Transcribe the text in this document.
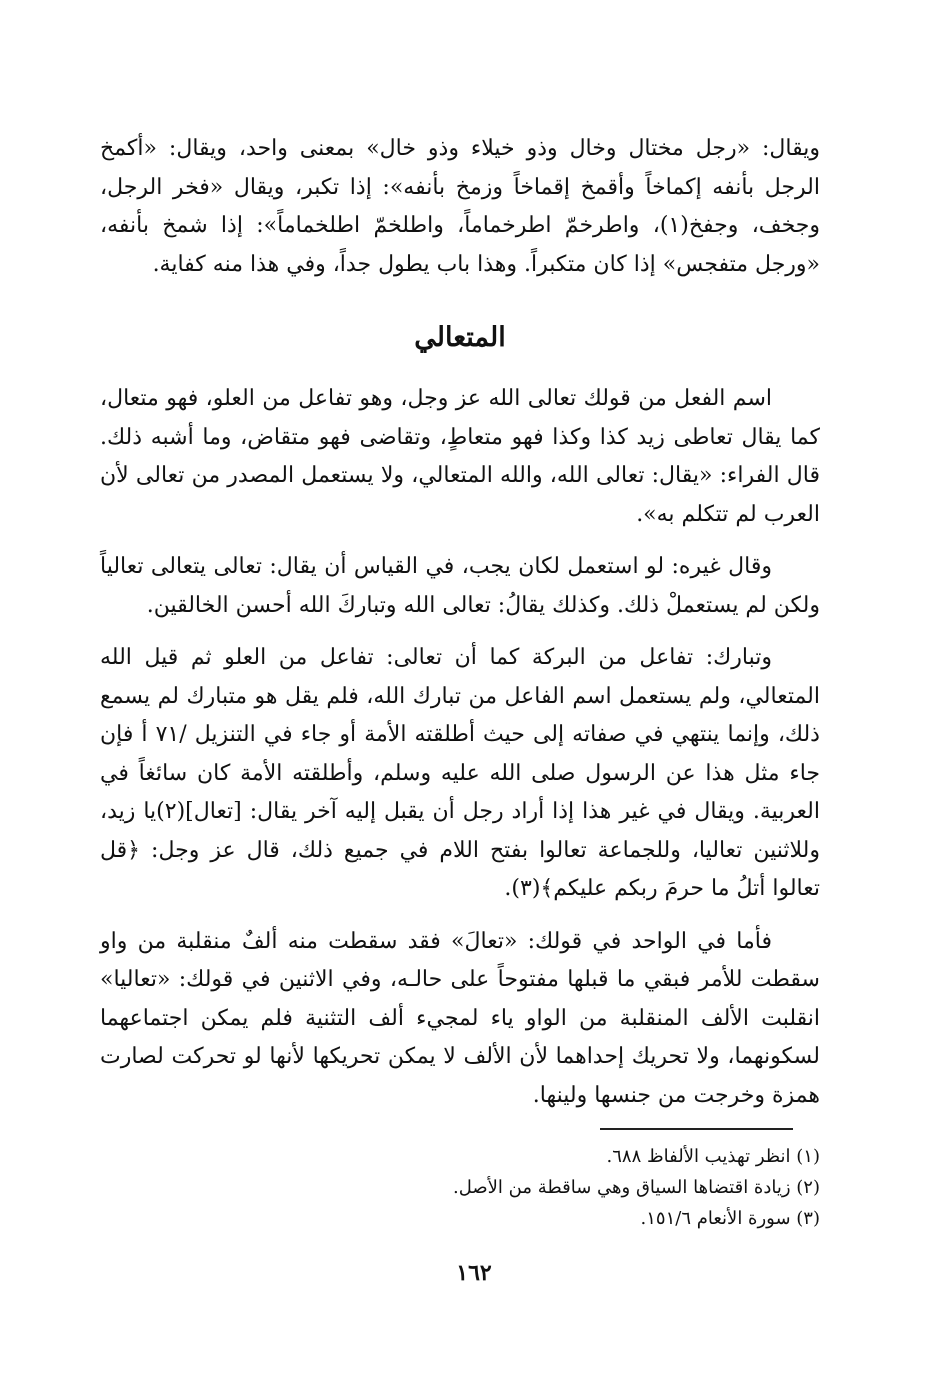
ويقال: «رجل مختال وخال وذو خيلاء وذو خال» بمعنى واحد، ويقال: «أكمخ الرجل بأنفه إكماخاً وأقمخ إقماخاً وزمخ بأنفه»: إذا تكبر، ويقال «فخر الرجل، وجخف، وجفخ(١)، واطرخمّ اطرخماماً، واطلخمّ اطلخماماً»: إذا شمخ بأنفه، «ورجل متفجس» إذا كان متكبراً. وهذا باب يطول جداً، وفي هذا منه كفاية.

المتعالي

اسم الفعل من قولك تعالى الله عز وجل، وهو تفاعل من العلو، فهو متعال، كما يقال تعاطى زيد كذا وكذا فهو متعاطٍ، وتقاضى فهو متقاض، وما أشبه ذلك. قال الفراء: «يقال: تعالى الله، والله المتعالي، ولا يستعمل المصدر من تعالى لأن العرب لم تتكلم به».

وقال غيره: لو استعمل لكان يجب، في القياس أن يقال: تعالى يتعالى تعالياً ولكن لم يستعملْ ذلك. وكذلك يقالُ: تعالى الله وتباركَ الله أحسن الخالقين.

وتبارك: تفاعل من البركة كما أن تعالى: تفاعل من العلو ثم قيل الله المتعالي، ولم يستعمل اسم الفاعل من تبارك الله، فلم يقل هو متبارك لم يسمع ذلك، وإنما ينتهي في صفاته إلى حيث أطلقته الأمة أو جاء في التنزيل /٧١ أ فإن جاء مثل هذا عن الرسول صلى الله عليه وسلم، وأطلقته الأمة كان سائغاً في العربية. ويقال في غير هذا إذا أراد رجل أن يقبل إليه آخر يقال: [تعال](٢)يا زيد، وللاثنين تعاليا، وللجماعة تعالوا بفتح اللام في جميع ذلك، قال عز وجل: ﴿قل تعالوا أتلُ ما حرمَ ربكم عليكم﴾(٣).

فأما في الواحد في قولك: «تعالَ» فقد سقطت منه ألفٌ منقلبة من واو سقطت للأمر فبقي ما قبلها مفتوحاً على حالـه، وفي الاثنين في قولك: «تعاليا» انقلبت الألف المنقلبة من الواو ياء لمجيء ألف التثنية فلم يمكن اجتماعهما لسكونهما، ولا تحريك إحداهما لأن الألف لا يمكن تحريكها لأنها لو تحركت لصارت همزة وخرجت من جنسها ولينها.

(١) انظر تهذيب الألفاظ ٦٨٨.

(٢) زيادة اقتضاها السياق وهي ساقطة من الأصل.

(٣) سورة الأنعام ١٥١/٦.

١٦٢
